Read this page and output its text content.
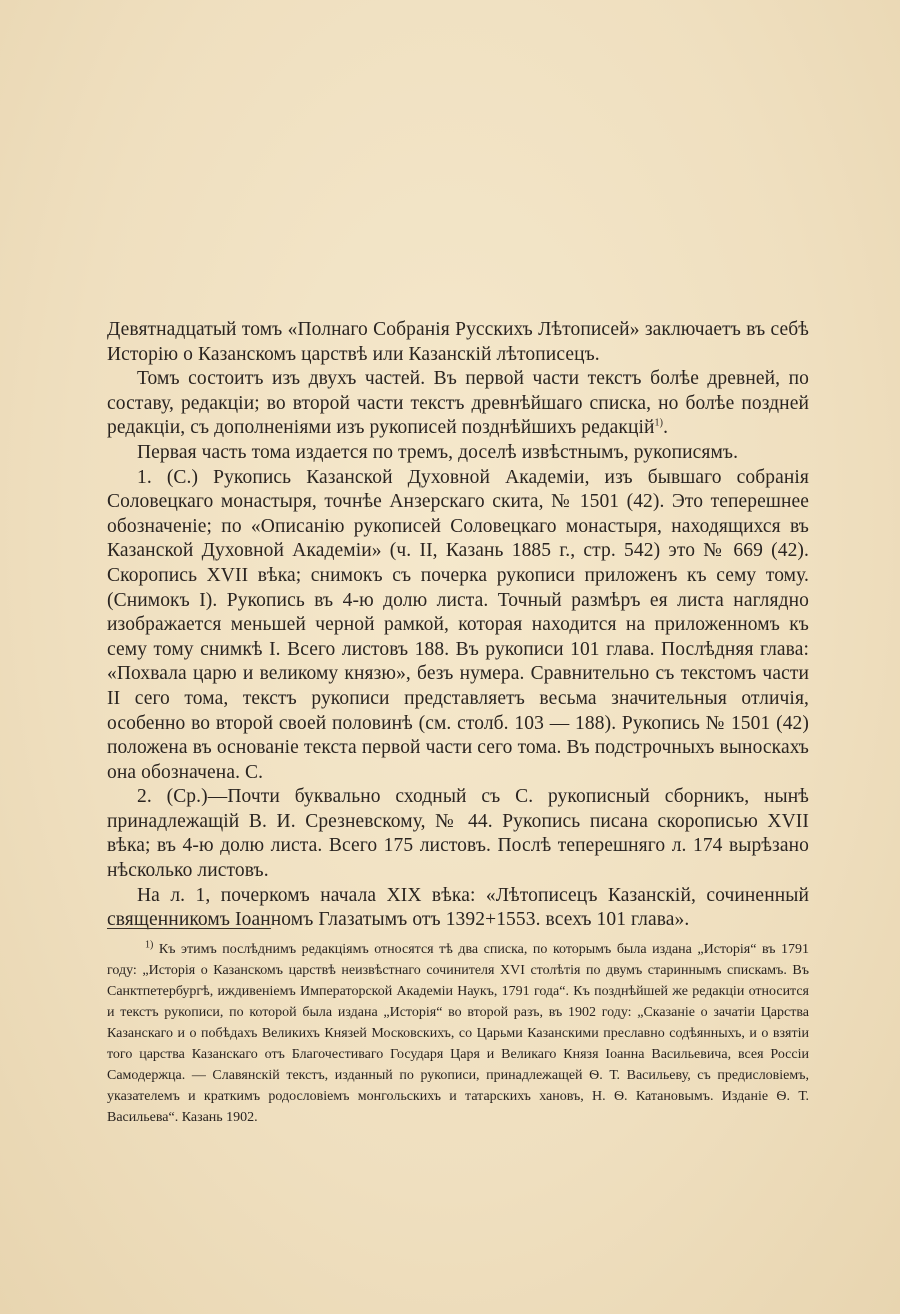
Девятнадцатый томъ «Полнаго Собранія Русскихъ Лѣтописей» заключаетъ въ себѣ Исторію о Казанскомъ царствѣ или Казанскій лѣтописецъ.

Томъ состоитъ изъ двухъ частей. Въ первой части текстъ болѣе древней, по составу, редакціи; во второй части текстъ древнѣйшаго списка, но болѣе поздней редакціи, съ дополненіями изъ рукописей позднѣйшихъ редакцій$^{1)}$.

Первая часть тома издается по тремъ, доселѣ извѣстнымъ, рукописямъ.

1. (С.) Рукопись Казанской Духовной Академіи, изъ бывшаго собранія Соловецкаго монастыря, точнѣе Анзерскаго скита, № 1501 (42). Это теперешнее обозначеніе; по «Описанію рукописей Соловецкаго монастыря, находящихся въ Казанской Духовной Академіи» (ч. II, Казань 1885 г., стр. 542) это № 669 (42). Скоропись XVII вѣка; снимокъ съ почерка рукописи приложенъ къ сему тому. (Снимокъ I). Рукопись въ 4-ю долю листа. Точный размѣръ ея листа наглядно изображается меньшей черной рамкой, которая находится на приложенномъ къ сему тому снимкѣ I. Всего листовъ 188. Въ рукописи 101 глава. Послѣдняя глава: «Похвала царю и великому князю», безъ нумера. Сравнительно съ текстомъ части II сего тома, текстъ рукописи представляетъ весьма значительныя отличія, особенно во второй своей половинѣ (см. столб. 103 — 188). Рукопись № 1501 (42) положена въ основаніе текста первой части сего тома. Въ подстрочныхъ выноскахъ она обозначена. С.

2. (Ср.)—Почти буквально сходный съ С. рукописный сборникъ, нынѣ принадлежащій В. И. Срезневскому, № 44. Рукопись писана скорописью XVII вѣка; въ 4-ю долю листа. Всего 175 листовъ. Послѣ теперешняго л. 174 вырѣзано нѣсколько листовъ.

На л. 1, почеркомъ начала XIX вѣка: «Лѣтописецъ Казанскій, сочиненный священникомъ Іоанномъ Глазатымъ отъ 1392+1553. всехъ 101 глава».

$^{1)}$ Къ этимъ послѣднимъ редакціямъ относятся тѣ два списка, по которымъ была издана „Исторія“ въ 1791 году: „Исторія о Казанскомъ царствѣ неизвѣстнаго сочинителя XVI столѣтія по двумъ стариннымъ спискамъ. Въ Санктпетербургѣ, иждивеніемъ Императорской Академіи Наукъ, 1791 года“. Къ позднѣйшей же редакціи относится и текстъ рукописи, по которой была издана „Исторія“ во второй разъ, въ 1902 году: „Сказаніе о зачатіи Царства Казанскаго и о побѣдахъ Великихъ Князей Московскихъ, со Царьми Казанскими преславно содѣянныхъ, и о взятіи того царства Казанскаго отъ Благочестиваго Государя Царя и Великаго Князя Іоанна Васильевича, всея Россіи Самодержца. — Славянскій текстъ, изданный по рукописи, принадлежащей Ѳ. Т. Васильеву, съ предисловіемъ, указателемъ и краткимъ родословіемъ монгольскихъ и татарскихъ хановъ, Н. Ѳ. Катановымъ. Изданіе Ѳ. Т. Васильева“. Казань 1902.
